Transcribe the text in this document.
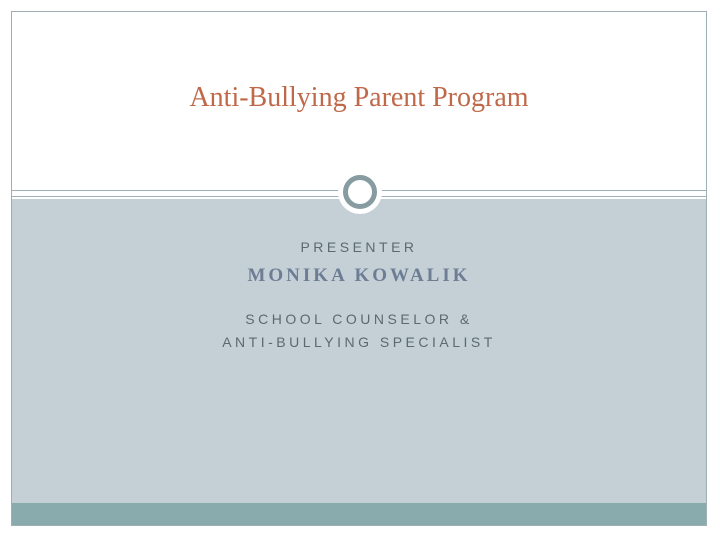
Anti-Bullying Parent Program
PRESENTER
MONIKA KOWALIK
SCHOOL COUNSELOR &
ANTI-BULLYING SPECIALIST
